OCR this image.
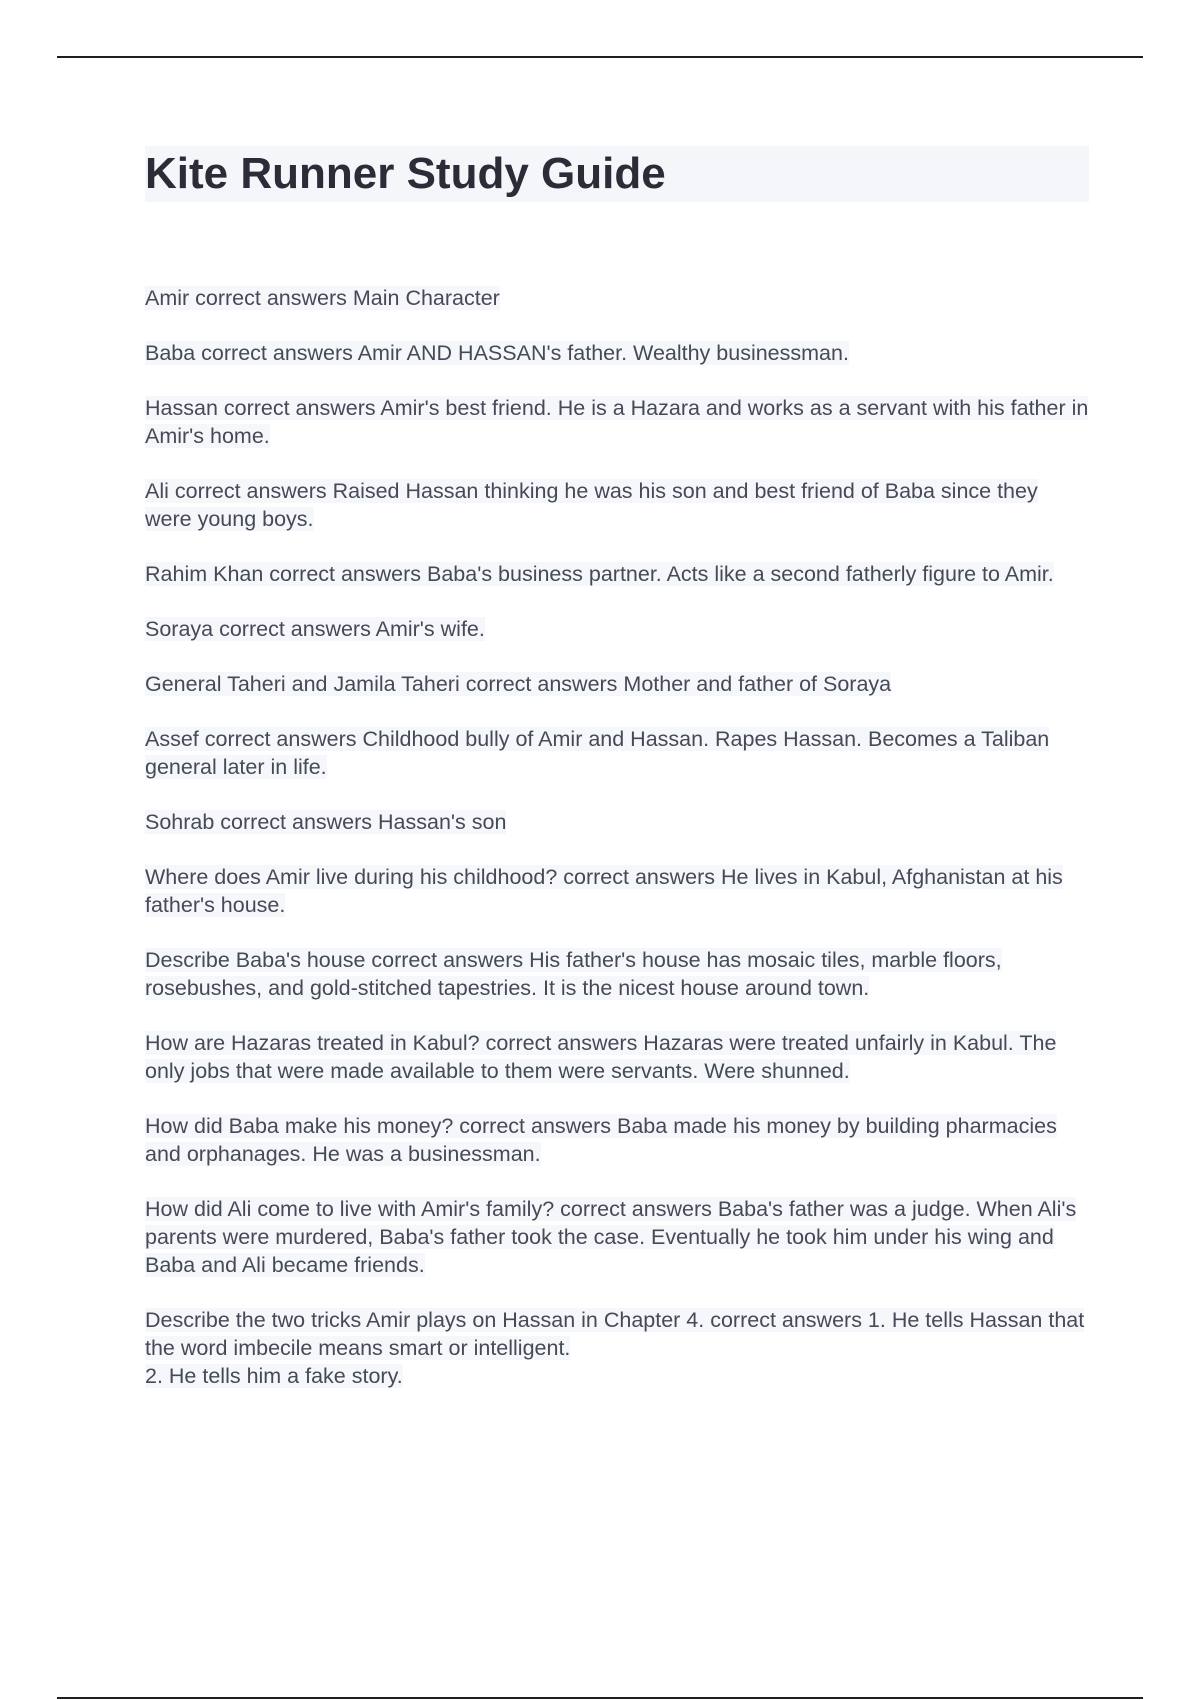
Kite Runner Study Guide

Amir correct answers Main Character

Baba correct answers Amir AND HASSAN's father. Wealthy businessman.

Hassan correct answers Amir's best friend. He is a Hazara and works as a servant with his father in Amir's home.

Ali correct answers Raised Hassan thinking he was his son and best friend of Baba since they were young boys.

Rahim Khan correct answers Baba's business partner. Acts like a second fatherly figure to Amir.

Soraya correct answers Amir's wife.

General Taheri and Jamila Taheri correct answers Mother and father of Soraya

Assef correct answers Childhood bully of Amir and Hassan. Rapes Hassan. Becomes a Taliban general later in life.

Sohrab correct answers Hassan's son

Where does Amir live during his childhood? correct answers He lives in Kabul, Afghanistan at his father's house.

Describe Baba's house correct answers His father's house has mosaic tiles, marble floors, rosebushes, and gold-stitched tapestries. It is the nicest house around town.

How are Hazaras treated in Kabul? correct answers Hazaras were treated unfairly in Kabul. The only jobs that were made available to them were servants. Were shunned.

How did Baba make his money? correct answers Baba made his money by building pharmacies and orphanages. He was a businessman.

How did Ali come to live with Amir's family? correct answers Baba's father was a judge. When Ali's parents were murdered, Baba's father took the case. Eventually he took him under his wing and Baba and Ali became friends.

Describe the two tricks Amir plays on Hassan in Chapter 4. correct answers 1. He tells Hassan that the word imbecile means smart or intelligent.
2. He tells him a fake story.
